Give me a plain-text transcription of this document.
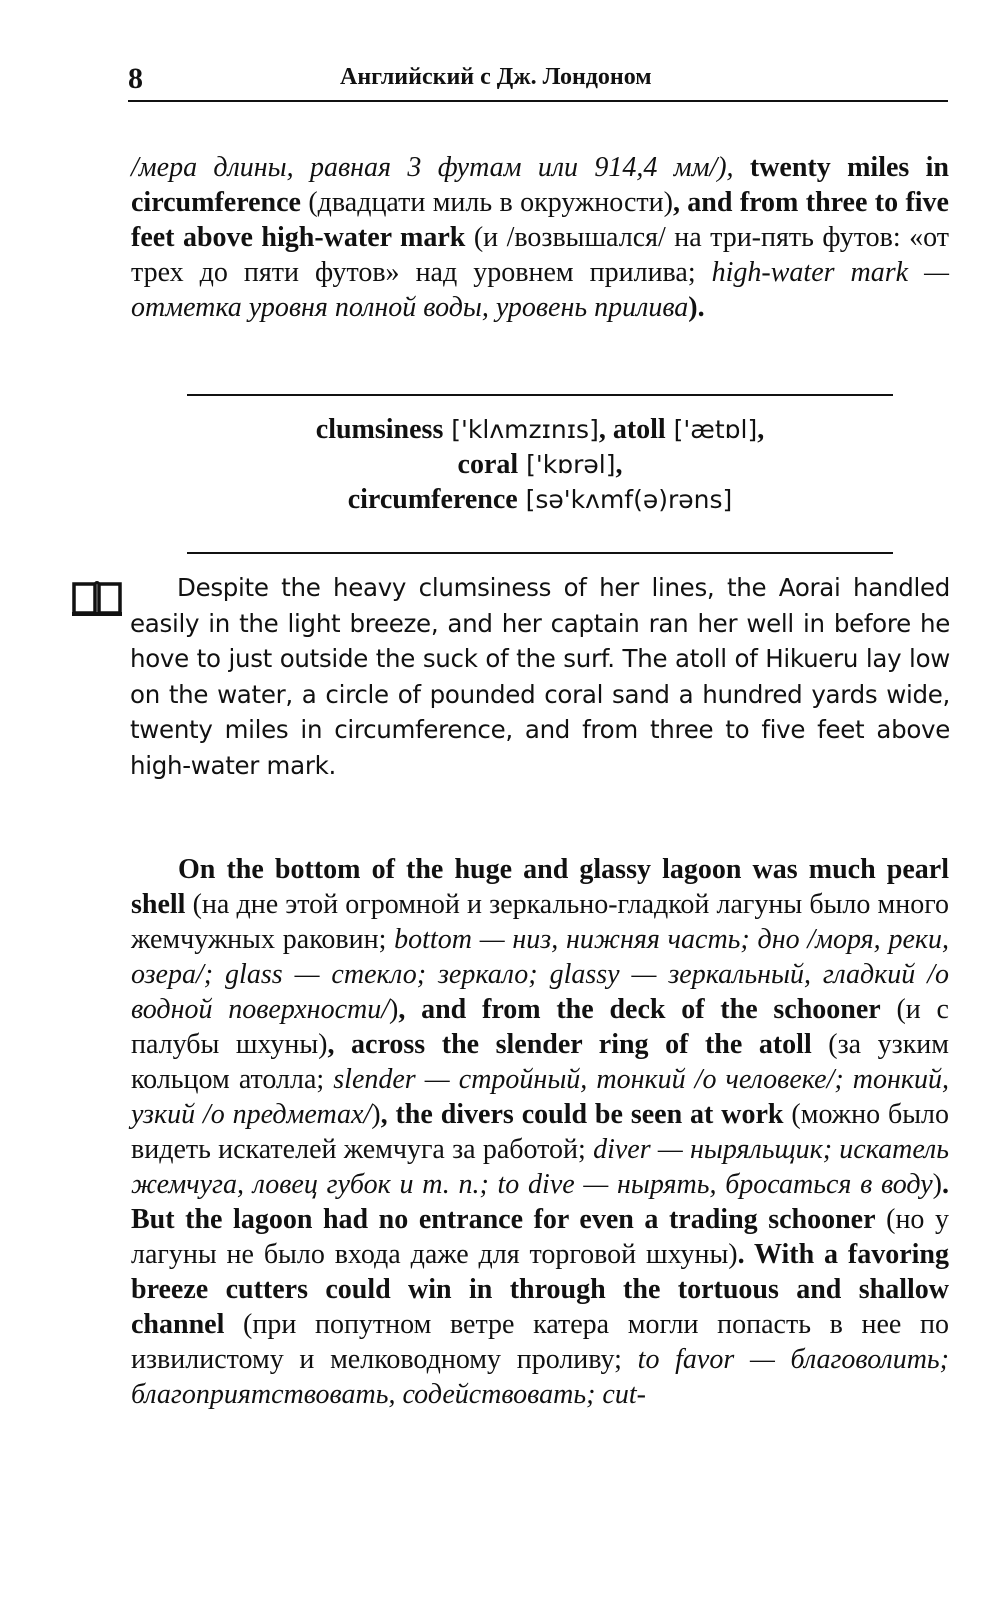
8	Английский с Дж. Лондоном

/мера длины, равная 3 футам или 914,4 мм/), twenty miles in circumference (двадцати миль в окружности), and from three to five feet above high-water mark (и /возвышался/ на три-пять футов: «от трех до пяти футов» над уровнем прилива; high-water mark — отметка уровня полной воды, уровень прилива).

clumsiness ['klʌmzɪnɪs], atoll ['ætɒl],
coral ['kɒrəl],
circumference [sə'kʌmf(ə)rəns]

Despite the heavy clumsiness of her lines, the Aorai handled easily in the light breeze, and her captain ran her well in before he hove to just outside the suck of the surf. The atoll of Hikueru lay low on the water, a circle of pounded coral sand a hundred yards wide, twenty miles in circumference, and from three to five feet above high-water mark.

On the bottom of the huge and glassy lagoon was much pearl shell (на дне этой огромной и зеркально-гладкой лагуны было много жемчужных раковин; bottom — низ, нижняя часть; дно /моря, реки, озера/; glass — стекло; зеркало; glassy — зеркальный, гладкий /о водной поверхности/), and from the deck of the schooner (и с палубы шхуны), across the slender ring of the atoll (за узким кольцом атолла; slender — стройный, тонкий /о человеке/; тонкий, узкий /о предметах/), the divers could be seen at work (можно было видеть искателей жемчуга за работой; diver — ныряльщик; искатель жемчуга, ловец губок и т. п.; to dive — нырять, бросаться в воду). But the lagoon had no entrance for even a trading schooner (но у лагуны не было входа даже для торговой шхуны). With a favoring breeze cutters could win in through the tortuous and shallow channel (при попутном ветре катера могли попасть в нее по извилистому и мелководному проливу; to favor — благоволить; благоприятствовать, содействовать; cut-
